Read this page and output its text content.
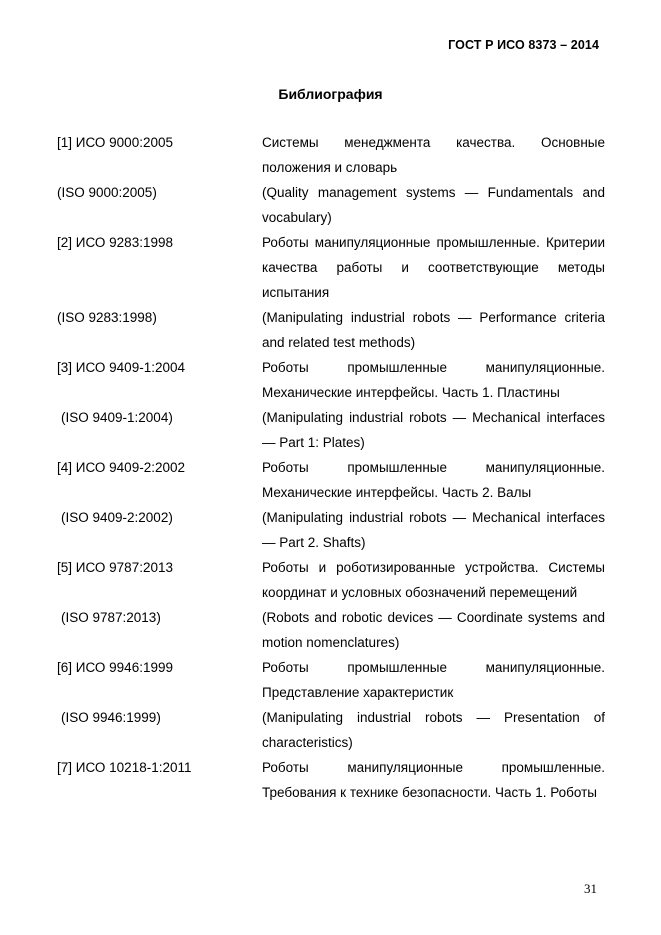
ГОСТ Р ИСО 8373 – 2014
Библиография
[1] ИСО 9000:2005	Системы менеджмента качества. Основные положения и словарь
(ISO 9000:2005)	(Quality management systems — Fundamentals and vocabulary)
[2] ИСО 9283:1998	Роботы манипуляционные промышленные. Критерии качества работы и соответствующие методы испытания
(ISO 9283:1998)	(Manipulating industrial robots — Performance criteria and related test methods)
[3] ИСО 9409-1:2004	Роботы промышленные манипуляционные. Механические интерфейсы. Часть 1. Пластины
(ISO 9409-1:2004)	(Manipulating industrial robots — Mechanical interfaces — Part 1: Plates)
[4] ИСО 9409-2:2002	Роботы промышленные манипуляционные. Механические интерфейсы. Часть 2. Валы
(ISO 9409-2:2002)	(Manipulating industrial robots — Mechanical interfaces — Part 2. Shafts)
[5] ИСО 9787:2013	Роботы и роботизированные устройства. Системы координат и условных обозначений перемещений
(ISO 9787:2013)	(Robots and robotic devices — Coordinate systems and motion nomenclatures)
[6] ИСО 9946:1999	Роботы промышленные манипуляционные. Представление характеристик
(ISO 9946:1999)	(Manipulating industrial robots — Presentation of characteristics)
[7] ИСО 10218-1:2011	Роботы манипуляционные промышленные. Требования к технике безопасности. Часть 1. Роботы
31
